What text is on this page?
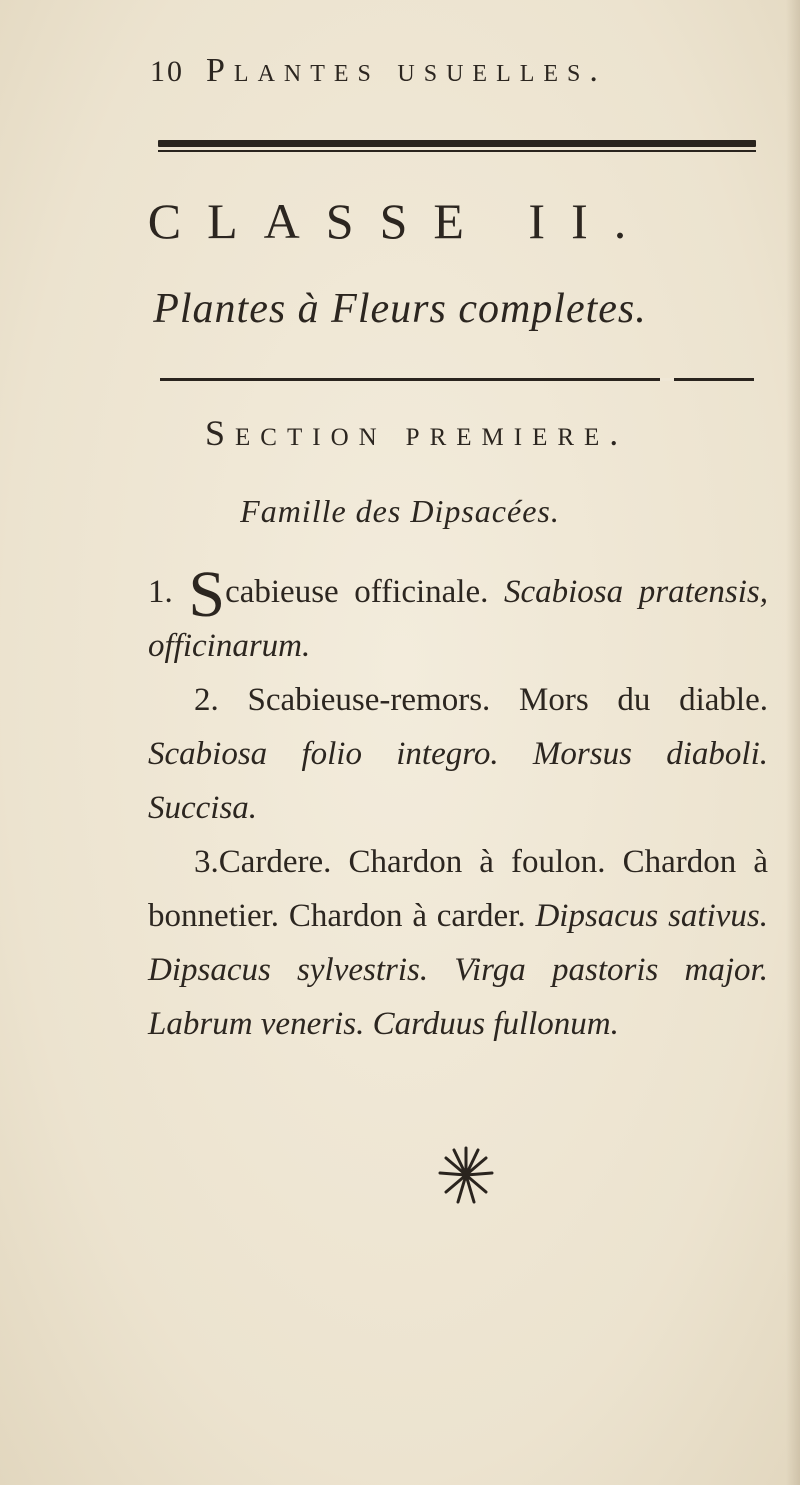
10 Plantes usuelles.
CLASSE II.
Plantes à Fleurs completes.
Section premiere.
Famille des Dipsacées.

1. Scabieuse officinale. Scabiosa pratensis, officinarum.

2. Scabieuse-remors. Mors du diable. Scabiosa folio integro. Morsus diaboli. Succisa.

3.Cardere. Chardon à foulon. Chardon à bonnetier. Chardon à carder. Dipsacus sativus. Dipsacus sylvestris. Virga pastoris major. Labrum veneris. Carduus fullonum.
